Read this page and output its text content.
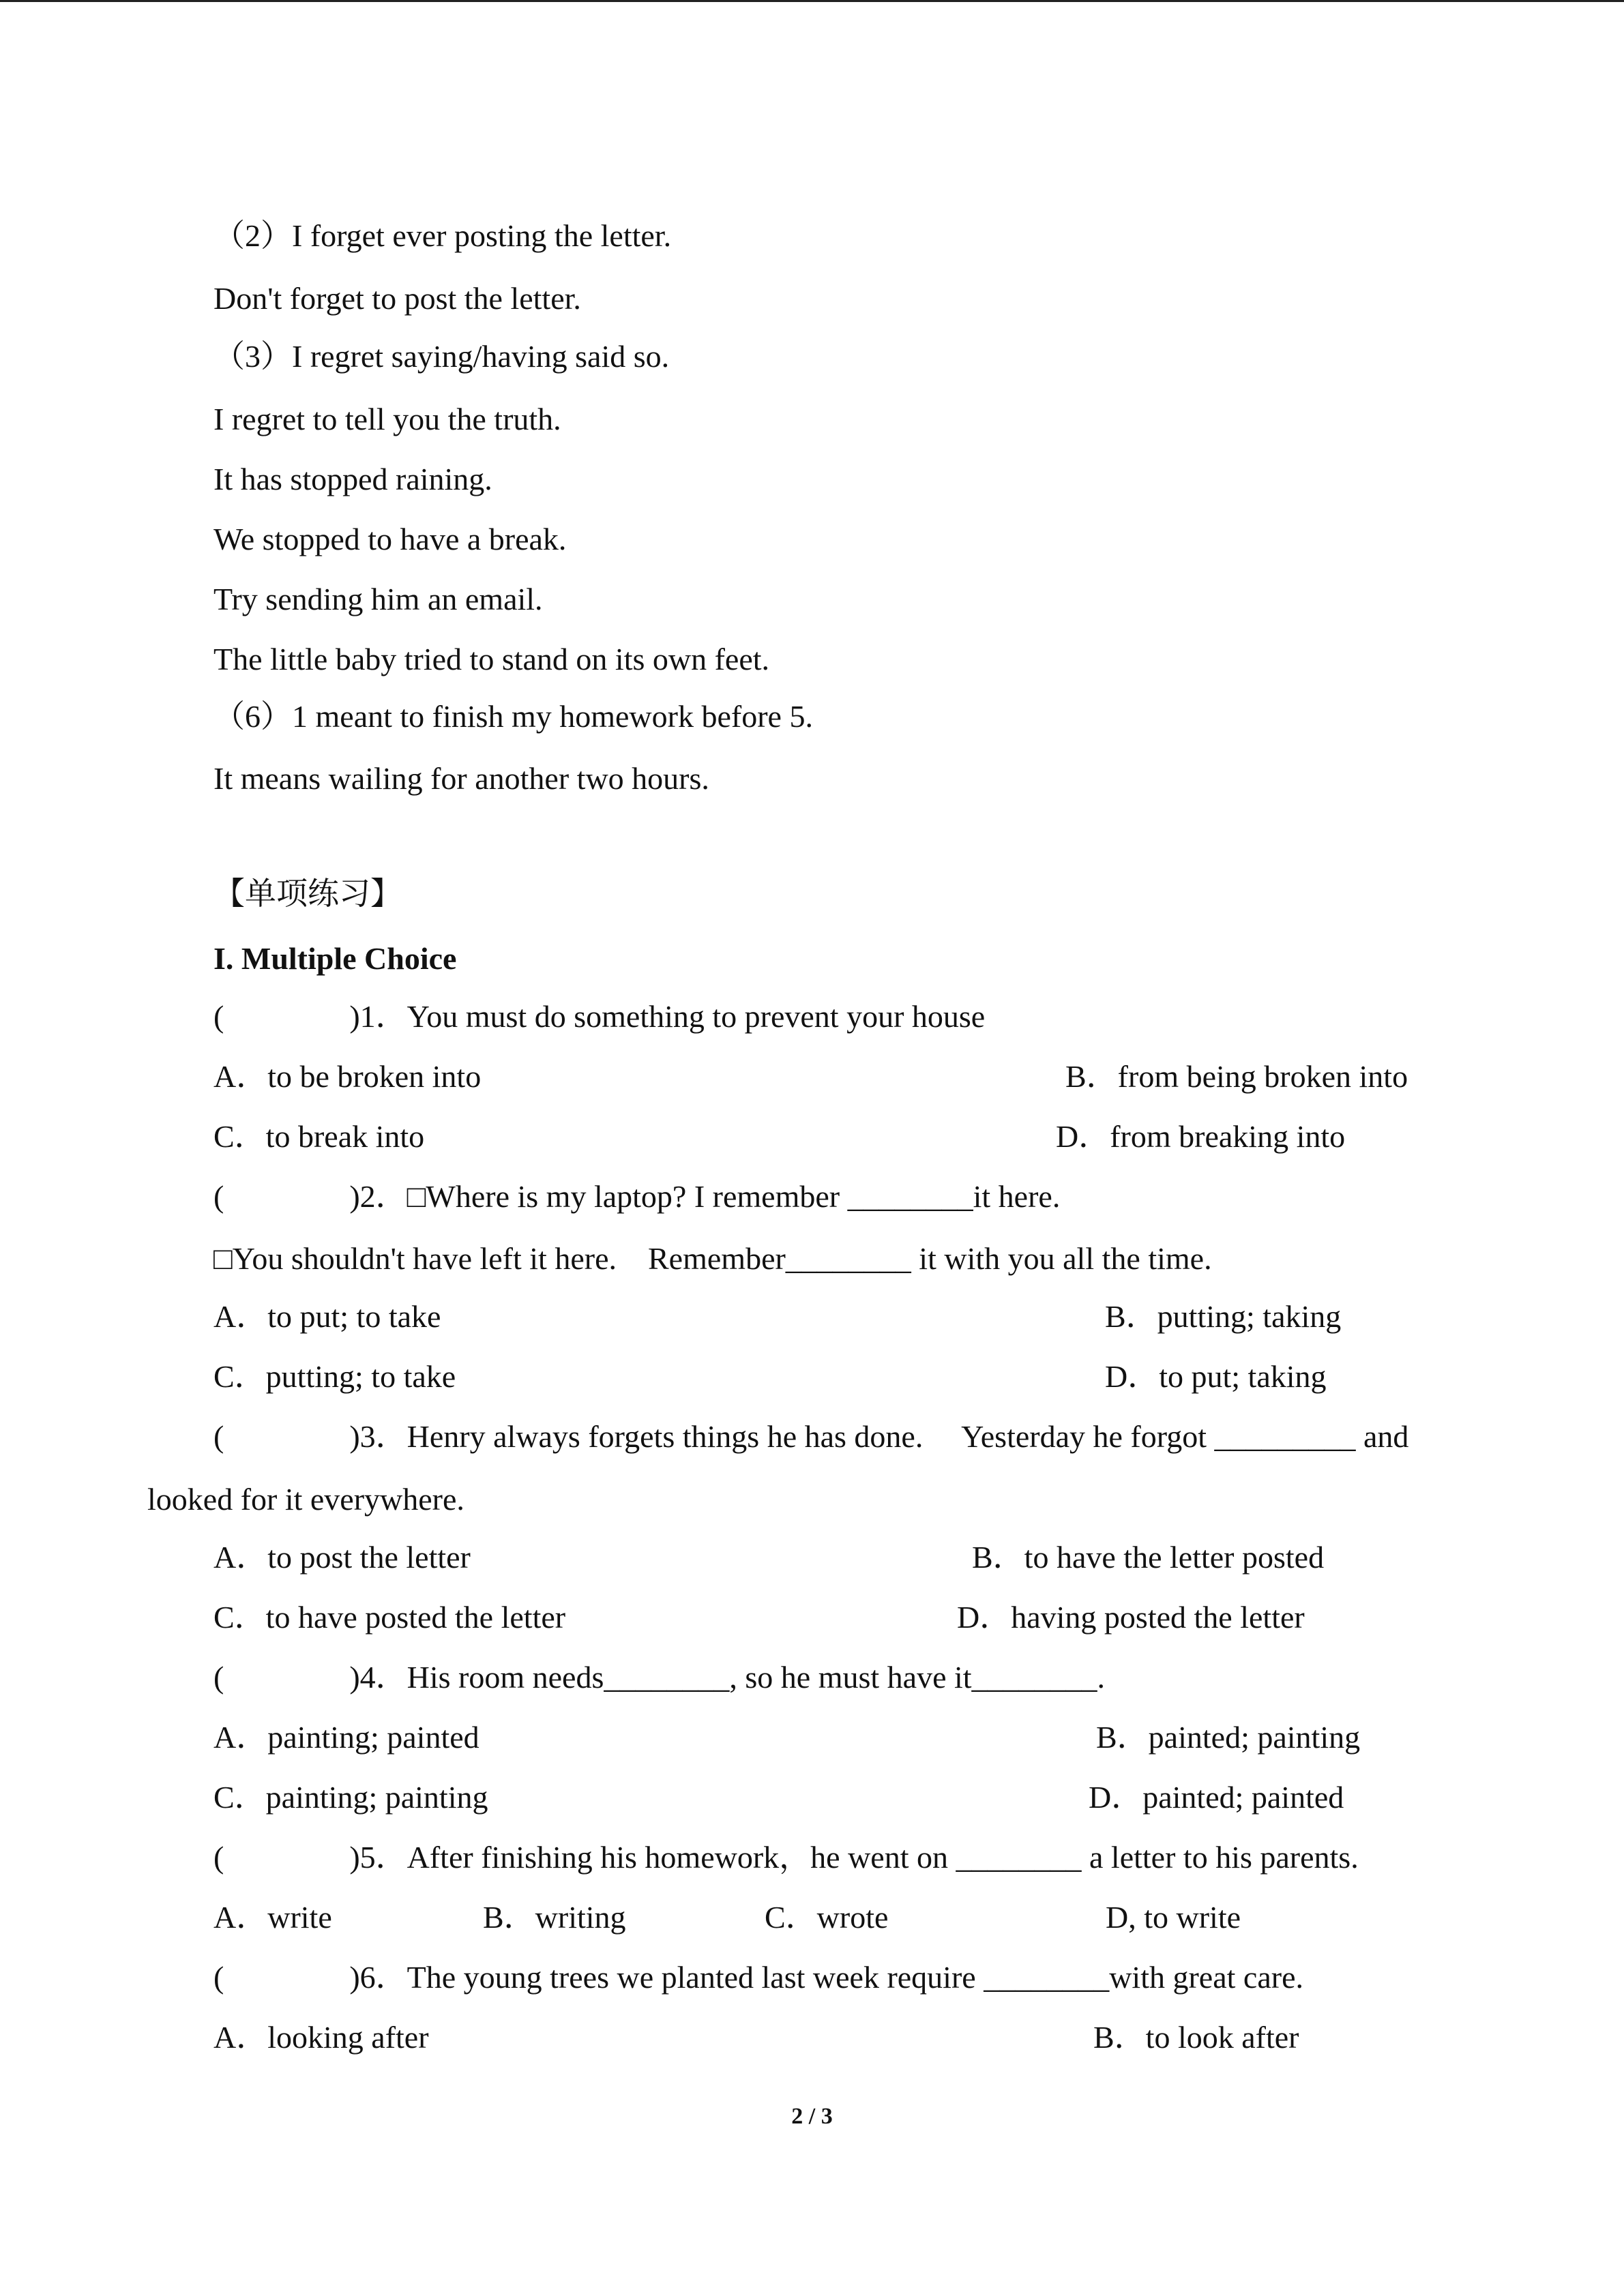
（2）I forget ever posting the letter.
Don't forget to post the letter.
（3）I regret saying/having said so.
I regret to tell you the truth.
It has stopped raining.
We stopped to have a break.
Try sending him an email.
The little baby tried to stand on its own feet.
（6）1 meant to finish my homework before 5.
It means wailing for another two hours.
【单项练习】
I. Multiple Choice
(　　　　)1．You must do something to prevent your house
A．to be broken into	B．from being broken into
C．to break into	D．from breaking into
(　　　　)2．□Where is my laptop? I remember ________it here.
□You shouldn't have left it here.　Remember________ it with you all the time.
A．to put; to take	B．putting; taking
C．putting; to take	D．to put; taking
(　　　　)3．Henry always forgets things he has done.　 Yesterday he forgot _________ and
looked for it everywhere.
A．to post the letter	B．to have the letter posted
C．to have posted the letter	D．having posted the letter
(　　　　)4．His room needs________, so he must have it________.
A．painting; painted	B．painted; painting
C．painting; painting	D．painted; painted
(　　　　)5．After finishing his homework，he went on ________ a letter to his parents.
A．write	B．writing	C．wrote	D, to write
(　　　　)6．The young trees we planted last week require ________with great care.
A．looking after	B．to look after
2 / 3
